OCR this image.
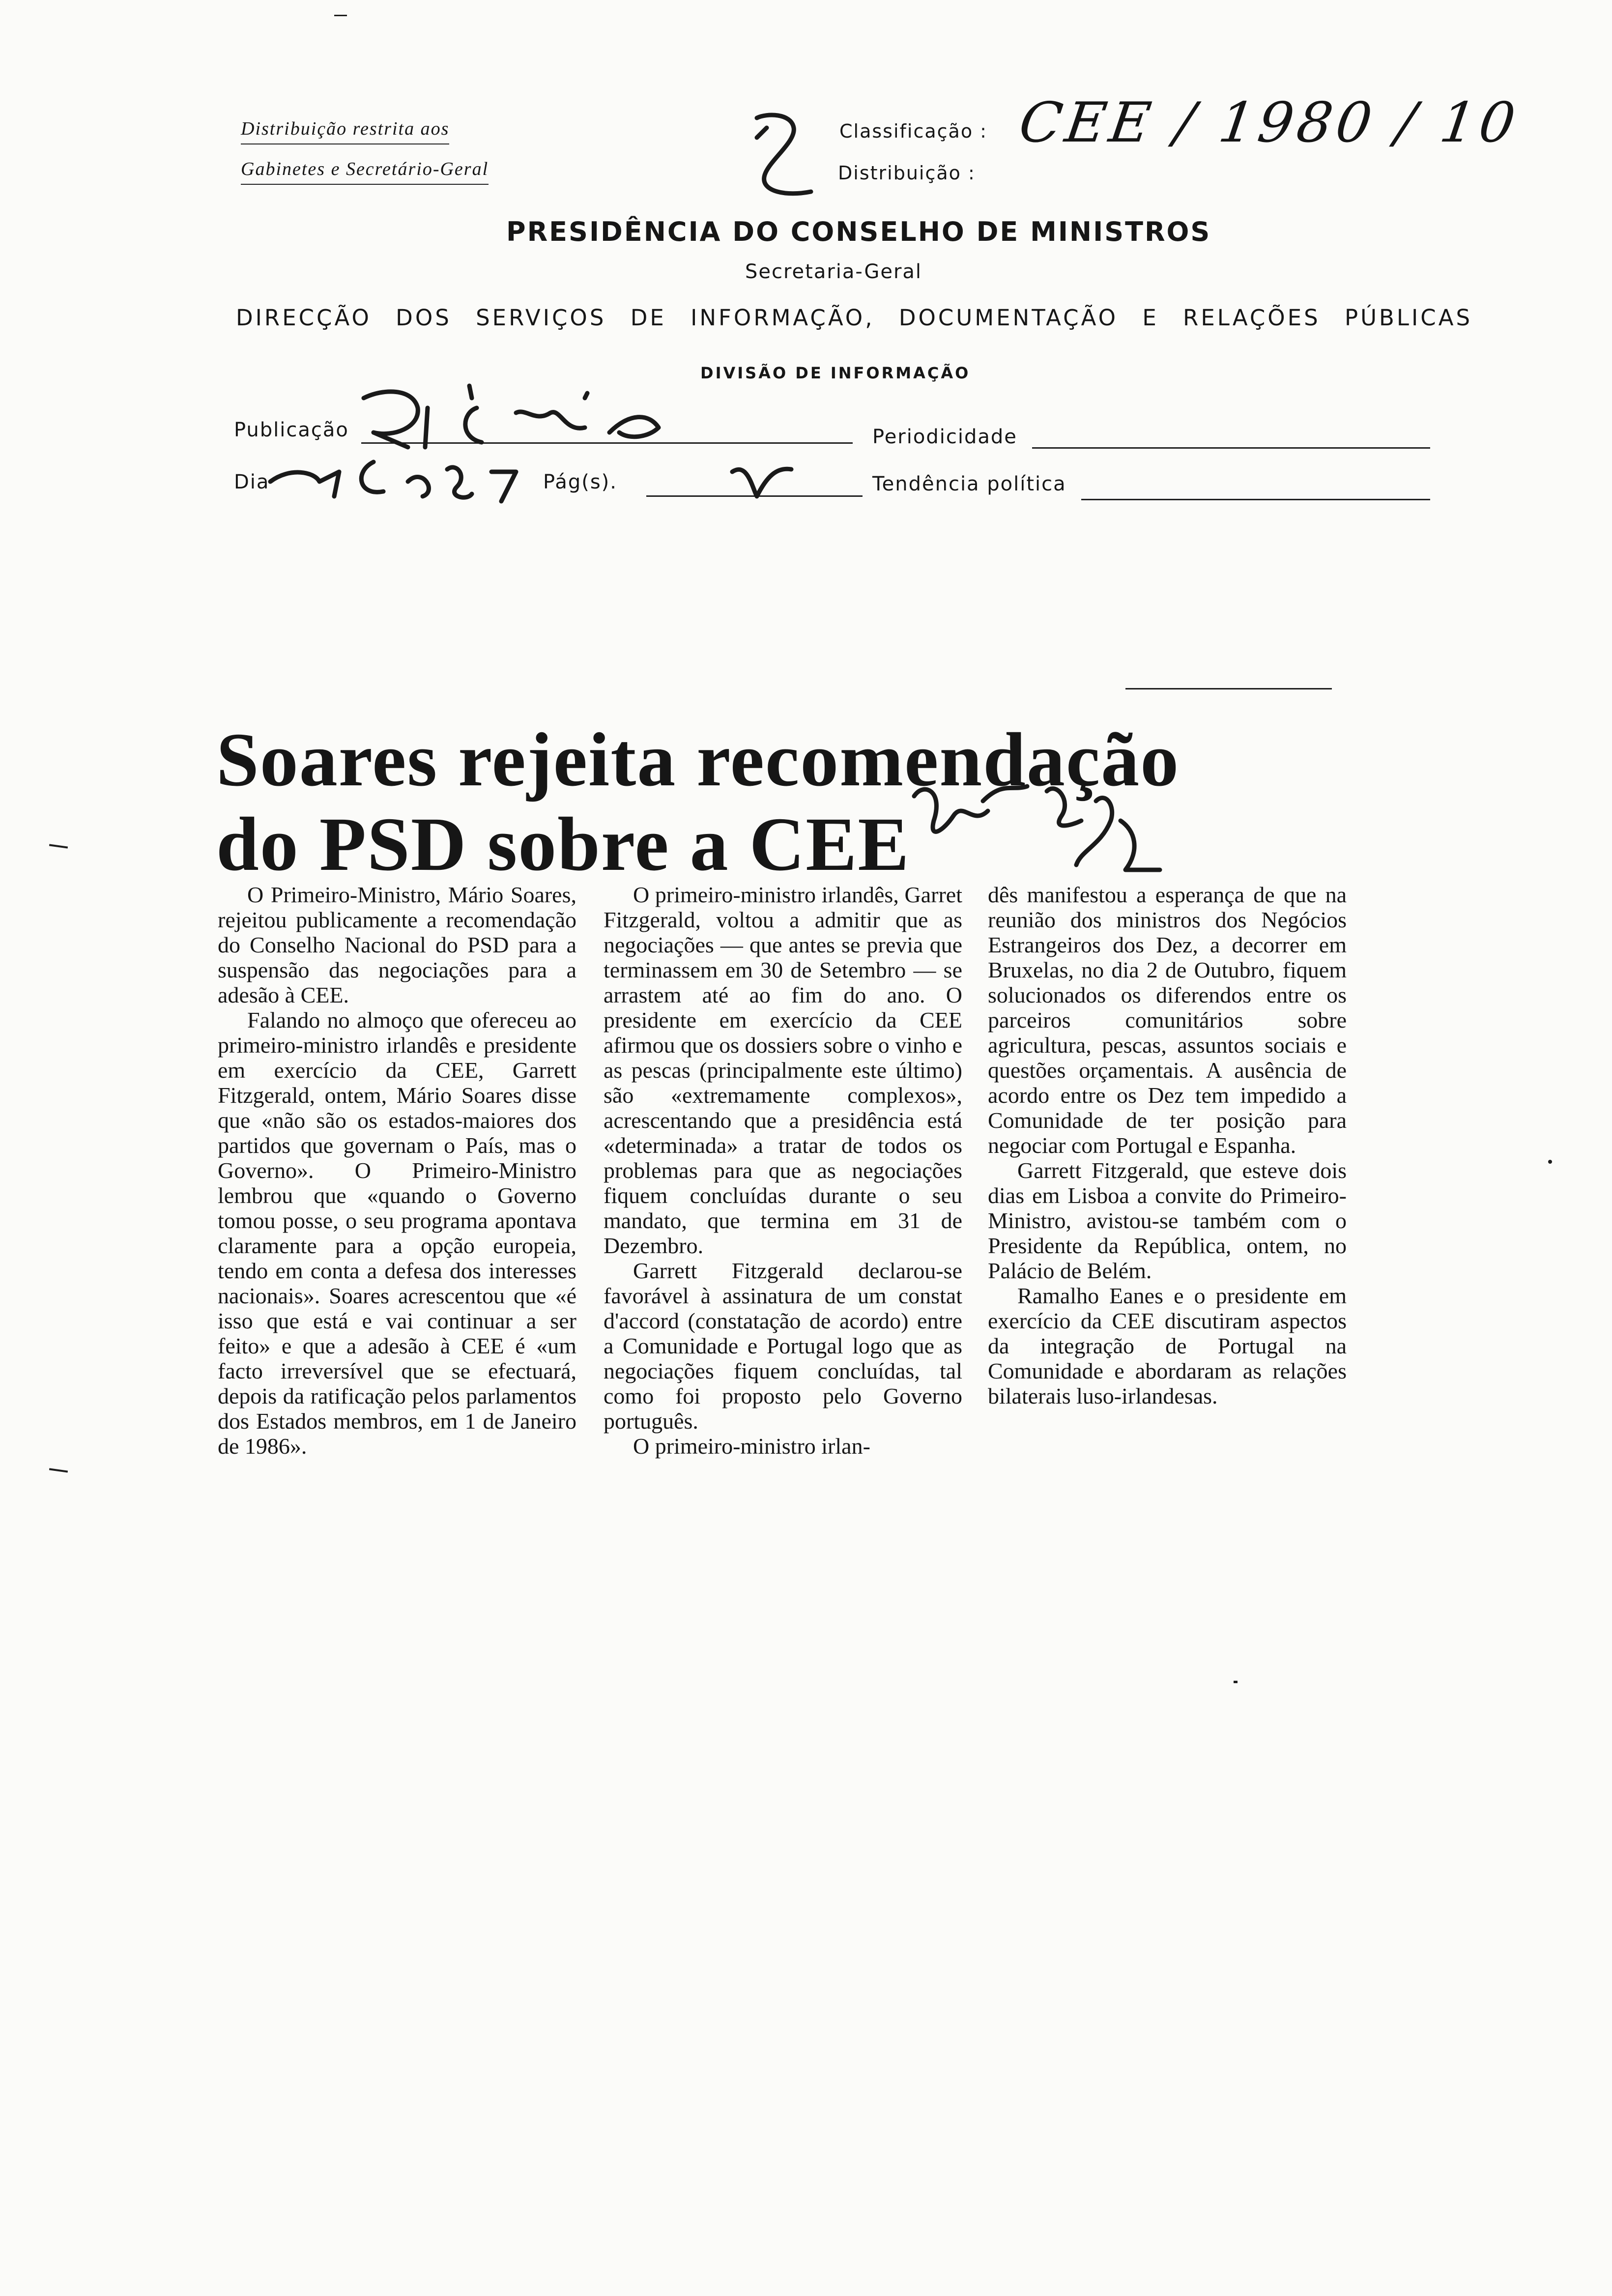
Distribuição restrita aos
Gabinetes e Secretário-Geral
Classificação :
Distribuição :
CEE / 1980 / 10
PRESIDÊNCIA DO CONSELHO DE MINISTROS
Secretaria-Geral
DIRECÇÃO DOS SERVIÇOS DE INFORMAÇÃO, DOCUMENTAÇÃO E RELAÇÕES PÚBLICAS
DIVISÃO DE INFORMAÇÃO
Publicação	Periodicidade
Dia	Pág(s).	Tendência política
Soares rejeita recomendação
do PSD sobre a CEE

O Primeiro-Ministro, Mário Soares, rejeitou publicamente a recomendação do Conselho Nacional do PSD para a suspensão das negociações para a adesão à CEE.

Falando no almoço que ofereceu ao primeiro-ministro irlandês e presidente em exercício da CEE, Garrett Fitzgerald, ontem, Mário Soares disse que «não são os estados-maiores dos partidos que governam o País, mas o Governo». O Primeiro-Ministro lembrou que «quando o Governo tomou posse, o seu programa apontava claramente para a opção europeia, tendo em conta a defesa dos interesses nacionais». Soares acrescentou que «é isso que está e vai continuar a ser feito» e que a adesão à CEE é «um facto irreversível que se efectuará, depois da ratificação pelos parlamentos dos Estados membros, em 1 de Janeiro de 1986».

O primeiro-ministro irlandês, Garret Fitzgerald, voltou a admitir que as negociações — que antes se previa que terminassem em 30 de Setembro — se arrastem até ao fim do ano. O presidente em exercício da CEE afirmou que os dossiers sobre o vinho e as pescas (principalmente este último) são «extremamente complexos», acrescentando que a presidência está «determinada» a tratar de todos os problemas para que as negociações fiquem concluídas durante o seu mandato, que termina em 31 de Dezembro.

Garrett Fitzgerald declarou-se favorável à assinatura de um constat d'accord (constatação de acordo) entre a Comunidade e Portugal logo que as negociações fiquem concluídas, tal como foi proposto pelo Governo português.

O primeiro-ministro irlan-

dês manifestou a esperança de que na reunião dos ministros dos Negócios Estrangeiros dos Dez, a decorrer em Bruxelas, no dia 2 de Outubro, fiquem solucionados os diferendos entre os parceiros comunitários sobre agricultura, pescas, assuntos sociais e questões orçamentais. A ausência de acordo entre os Dez tem impedido a Comunidade de ter posição para negociar com Portugal e Espanha.

Garrett Fitzgerald, que esteve dois dias em Lisboa a convite do Primeiro-Ministro, avistou-se também com o Presidente da República, ontem, no Palácio de Belém.

Ramalho Eanes e o presidente em exercício da CEE discutiram aspectos da integração de Portugal na Comunidade e abordaram as relações bilaterais luso-irlandesas.
